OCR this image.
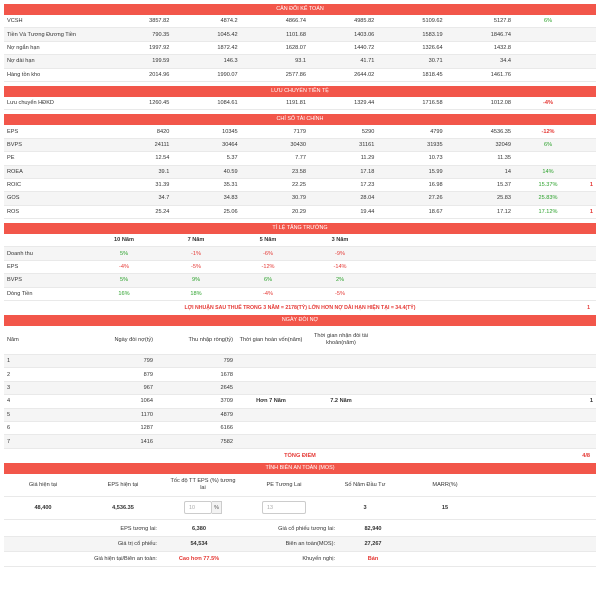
CÂN ĐỐI KẾ TOÁN
VCSH	3857.82	4874.2	4866.74	4985.82	5109.62	5127.8	6%	
Tiền Và Tương Đương Tiền	790.35	1045.42	1101.68	1403.06	1583.19	1846.74		
Nợ ngắn hạn	1997.92	1872.42	1628.07	1440.72	1326.64	1432.8		
Nợ dài hạn	199.59	146.3	93.1	41.71	30.71	34.4		
Hàng tồn kho	2014.96	1990.07	2577.86	2644.02	1818.45	1461.76		
LƯU CHUYỂN TIỀN TỆ
Lưu chuyển HĐKD	1260.45	1084.61	1191.81	1329.44	1716.58	1012.08	-4%	
CHỈ SỐ TÀI CHÍNH
EPS	8420	10345	7179	5290	4799	4536.35	-12%	
BVPS	24111	30464	30430	31161	31935	32049	6%	
PE	12.54	5.37	7.77	11.29	10.73	11.35		
ROEA	39.1	40.59	23.58	17.18	15.99	14	14%	
ROIC	31.39	35.31	22.25	17.23	16.98	15.37	15.37%	1
GOS	34.7	34.83	30.79	28.04	27.26	25.83	25.83%	
ROS	25.24	25.06	20.29	19.44	18.67	17.12	17.12%	1
TỈ LỆ TĂNG TRƯỞNG
	10 Năm	7 Năm	5 Năm	3 Năm	
Doanh thu	5%	-1%	-6%	-9%	
EPS	-4%	-5%	-12%	-14%	
BVPS	5%	9%	6%	2%	
Dòng Tiền	16%	18%	-4%	-5%	
LỢI NHUẬN SAU THUẾ TRONG 3 NĂM = 2178(TỶ) LỚN HƠN NỢ DÀI HẠN HIỆN TẠI = 34.4(TỶ)	1
NGÀY ĐÒI NỢ
Năm	Ngày đòi nợ(tỷ)	Thu nhập ròng(tỷ)	Thời gian hoàn vốn(năm)	Thời gian nhận đòi tài khoản(năm)			
1	799	799					
2	879	1678					
3	967	2645					
4	1064	3709	Hơn 7 Năm	7.2 Năm			1
5	1170	4879					
6	1287	6166					
7	1416	7582					
TỔNG ĐIỂM	4/8
TÍNH BIÊN AN TOÀN (MOS)
Giá hiện tại	EPS hiện tại	Tốc độ TT EPS (%) tương lai	PE Tương Lai	Số Năm Đầu Tư	MARR(%)	
48,400	4,536.35	10 %	13	3	15	
EPS tương lai:	6,380	Giá cổ phiếu tương lai:	82,940	
Giá trị cổ phiếu:	54,534	Biên an toàn(MOS):	27,267	
Giá hiện tại/Biên an toàn:	Cao hơn 77.5%	Khuyến nghị:	Bán	
